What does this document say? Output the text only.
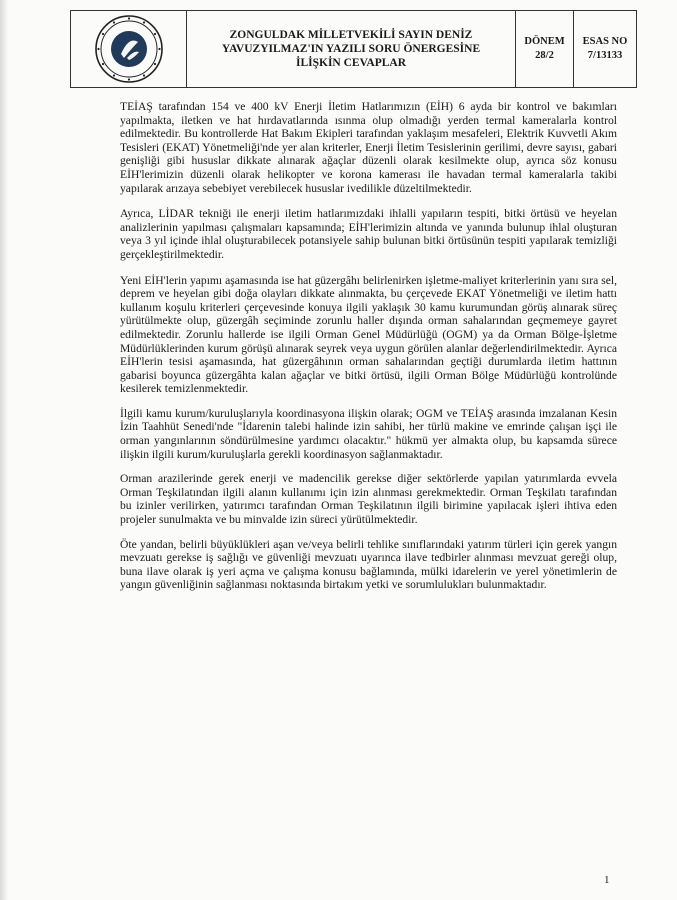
ZONGULDAK MİLLETVEKİLİ SAYIN DENİZ
YAVUZYILMAZ'IN YAZILI SORU ÖNERGESİNE
İLİŞKİN CEVAPLAR
DÖNEM
28/2
ESAS NO
7/13133

TEİAŞ tarafından 154 ve 400 kV Enerji İletim Hatlarımızın (EİH) 6 ayda bir kontrol ve bakımları yapılmakta, iletken ve hat hırdavatlarında ısınma olup olmadığı yerden termal kameralarla kontrol edilmektedir. Bu kontrollerde Hat Bakım Ekipleri tarafından yaklaşım mesafeleri, Elektrik Kuvvetli Akım Tesisleri (EKAT) Yönetmeliği'nde yer alan kriterler, Enerji İletim Tesislerinin gerilimi, devre sayısı, gabari genişliği gibi hususlar dikkate alınarak ağaçlar düzenli olarak kesilmekte olup, ayrıca söz konusu EİH'lerimizin düzenli olarak helikopter ve korona kamerası ile havadan termal kameralarla takibi yapılarak arızaya sebebiyet verebilecek hususlar ivedilikle düzeltilmektedir.

Ayrıca, LİDAR tekniği ile enerji iletim hatlarımızdaki ihlalli yapıların tespiti, bitki örtüsü ve heyelan analizlerinin yapılması çalışmaları kapsamında; EİH'lerimizin altında ve yanında bulunup ihlal oluşturan veya 3 yıl içinde ihlal oluşturabilecek potansiyele sahip bulunan bitki örtüsünün tespiti yapılarak temizliği gerçekleştirilmektedir.

Yeni EİH'lerin yapımı aşamasında ise hat güzergâhı belirlenirken işletme-maliyet kriterlerinin yanı sıra sel, deprem ve heyelan gibi doğa olayları dikkate alınmakta, bu çerçevede EKAT Yönetmeliği ve iletim hattı kullanım koşulu kriterleri çerçevesinde konuya ilgili yaklaşık 30 kamu kurumundan görüş alınarak süreç yürütülmekte olup, güzergâh seçiminde zorunlu haller dışında orman sahalarından geçmemeye gayret edilmektedir. Zorunlu hallerde ise ilgili Orman Genel Müdürlüğü (OGM) ya da Orman Bölge-İşletme Müdürlüklerinden kurum görüşü alınarak seyrek veya uygun görülen alanlar değerlendirilmektedir. Ayrıca EİH'lerin tesisi aşamasında, hat güzergâhının orman sahalarından geçtiği durumlarda iletim hattının gabarisi boyunca güzergâhta kalan ağaçlar ve bitki örtüsü, ilgili Orman Bölge Müdürlüğü kontrolünde kesilerek temizlenmektedir.

İlgili kamu kurum/kuruluşlarıyla koordinasyona ilişkin olarak; OGM ve TEİAŞ arasında imzalanan Kesin İzin Taahhüt Senedi'nde "İdarenin talebi halinde izin sahibi, her türlü makine ve emrinde çalışan işçi ile orman yangınlarının söndürülmesine yardımcı olacaktır." hükmü yer almakta olup, bu kapsamda sürece ilişkin ilgili kurum/kuruluşlarla gerekli koordinasyon sağlanmaktadır.

Orman arazilerinde gerek enerji ve madencilik gerekse diğer sektörlerde yapılan yatırımlarda evvela Orman Teşkilatından ilgili alanın kullanımı için izin alınması gerekmektedir. Orman Teşkilatı tarafından bu izinler verilirken, yatırımcı tarafından Orman Teşkilatının ilgili birimine yapılacak işleri ihtiva eden projeler sunulmakta ve bu minvalde izin süreci yürütülmektedir.

Öte yandan, belirli büyüklükleri aşan ve/veya belirli tehlike sınıflarındaki yatırım türleri için gerek yangın mevzuatı gerekse iş sağlığı ve güvenliği mevzuatı uyarınca ilave tedbirler alınması mevzuat gereği olup, buna ilave olarak iş yeri açma ve çalışma konusu bağlamında, mülki idarelerin ve yerel yönetimlerin de yangın güvenliğinin sağlanması noktasında birtakım yetki ve sorumlulukları bulunmaktadır.

1
